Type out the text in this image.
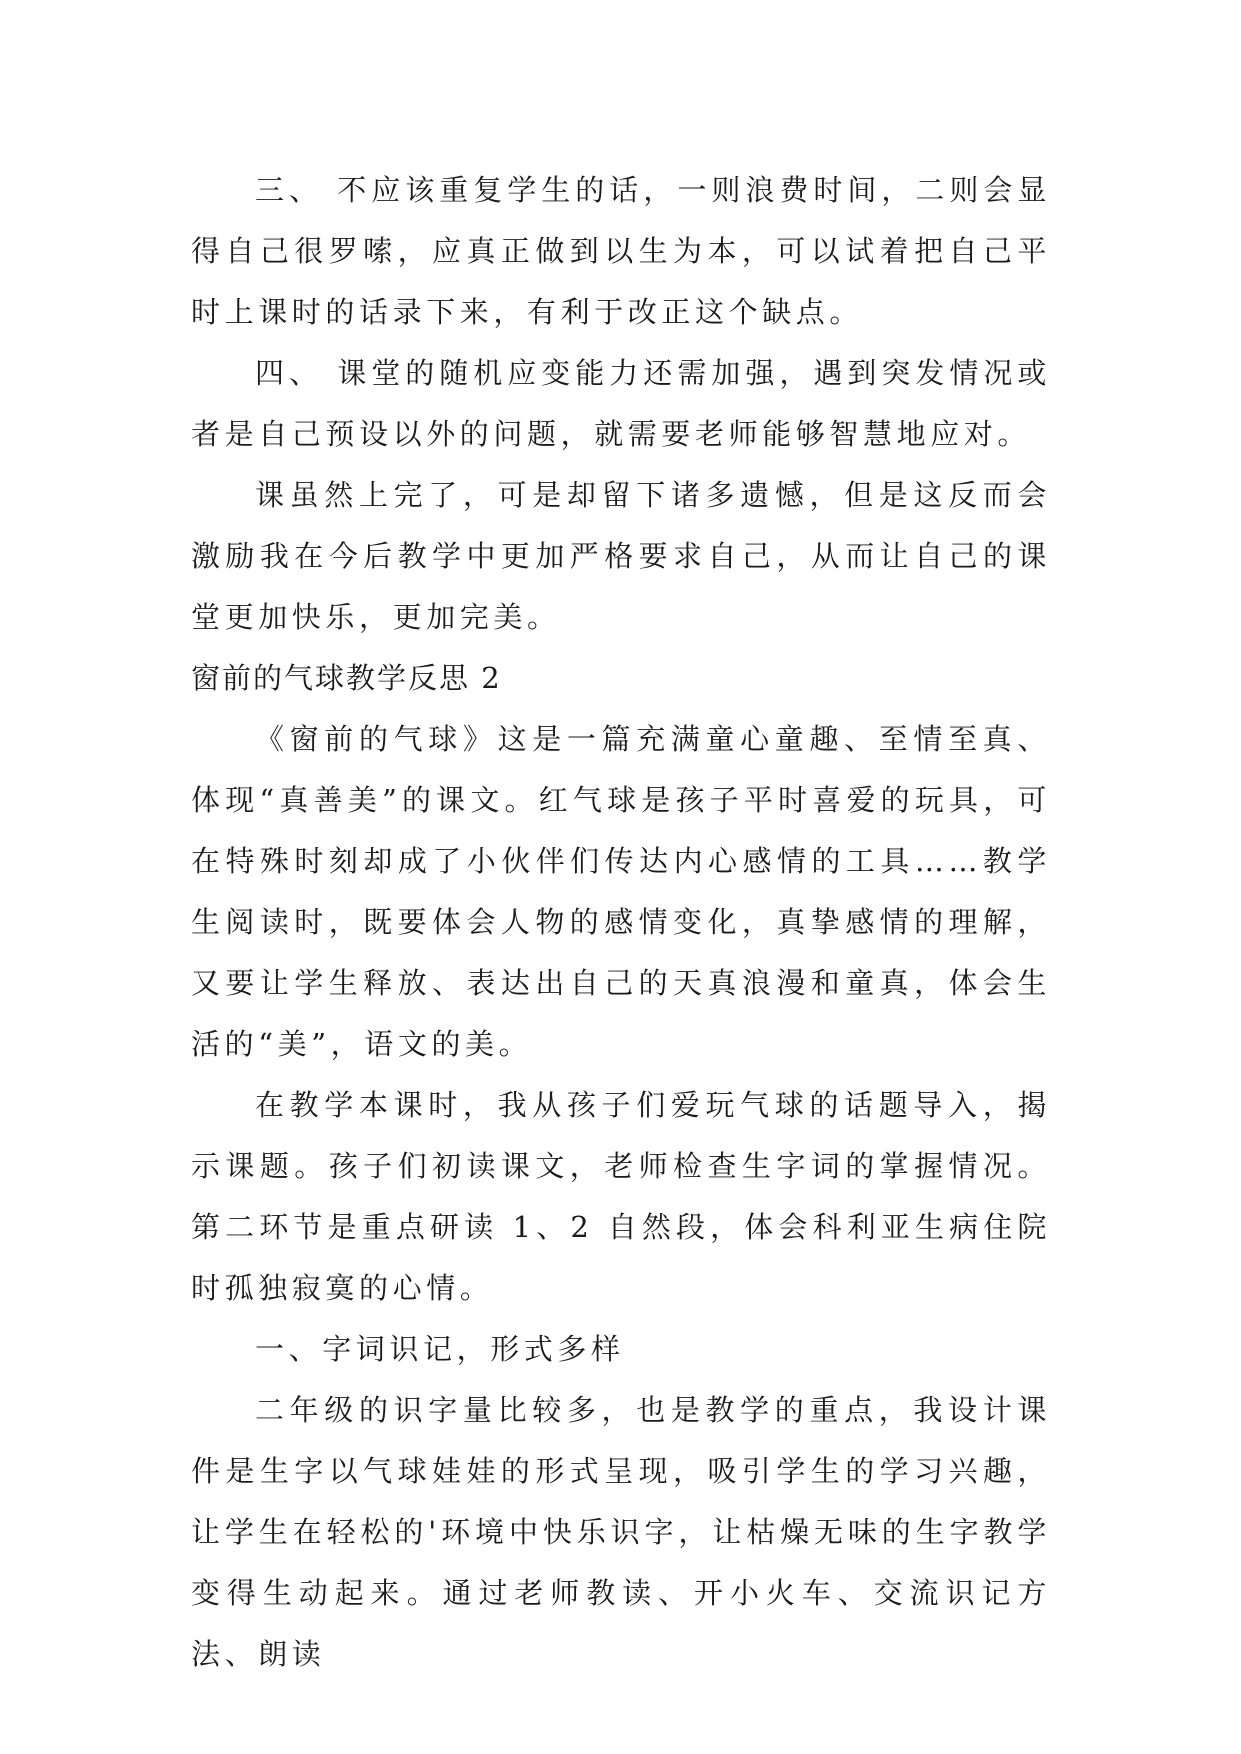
三、 不应该重复学生的话，一则浪费时间，二则会显得自己很罗嗦，应真正做到以生为本，可以试着把自己平时上课时的话录下来，有利于改正这个缺点。

四、 课堂的随机应变能力还需加强，遇到突发情况或者是自己预设以外的问题，就需要老师能够智慧地应对。

课虽然上完了，可是却留下诸多遗憾，但是这反而会激励我在今后教学中更加严格要求自己，从而让自己的课堂更加快乐，更加完美。

窗前的气球教学反思 2

《窗前的气球》这是一篇充满童心童趣、至情至真、体现“真善美”的课文。红气球是孩子平时喜爱的玩具，可在特殊时刻却成了小伙伴们传达内心感情的工具……教学生阅读时，既要体会人物的感情变化，真挚感情的理解，又要让学生释放、表达出自己的天真浪漫和童真，体会生活的“美”，语文的美。

在教学本课时，我从孩子们爱玩气球的话题导入，揭示课题。孩子们初读课文，老师检查生字词的掌握情况。第二环节是重点研读 1、2 自然段，体会科利亚生病住院时孤独寂寞的心情。

一、字词识记，形式多样

二年级的识字量比较多，也是教学的重点，我设计课件是生字以气球娃娃的形式呈现，吸引学生的学习兴趣，让学生在轻松的'环境中快乐识字，让枯燥无味的生字教学变得生动起来。通过老师教读、开小火车、交流识记方法、朗读
